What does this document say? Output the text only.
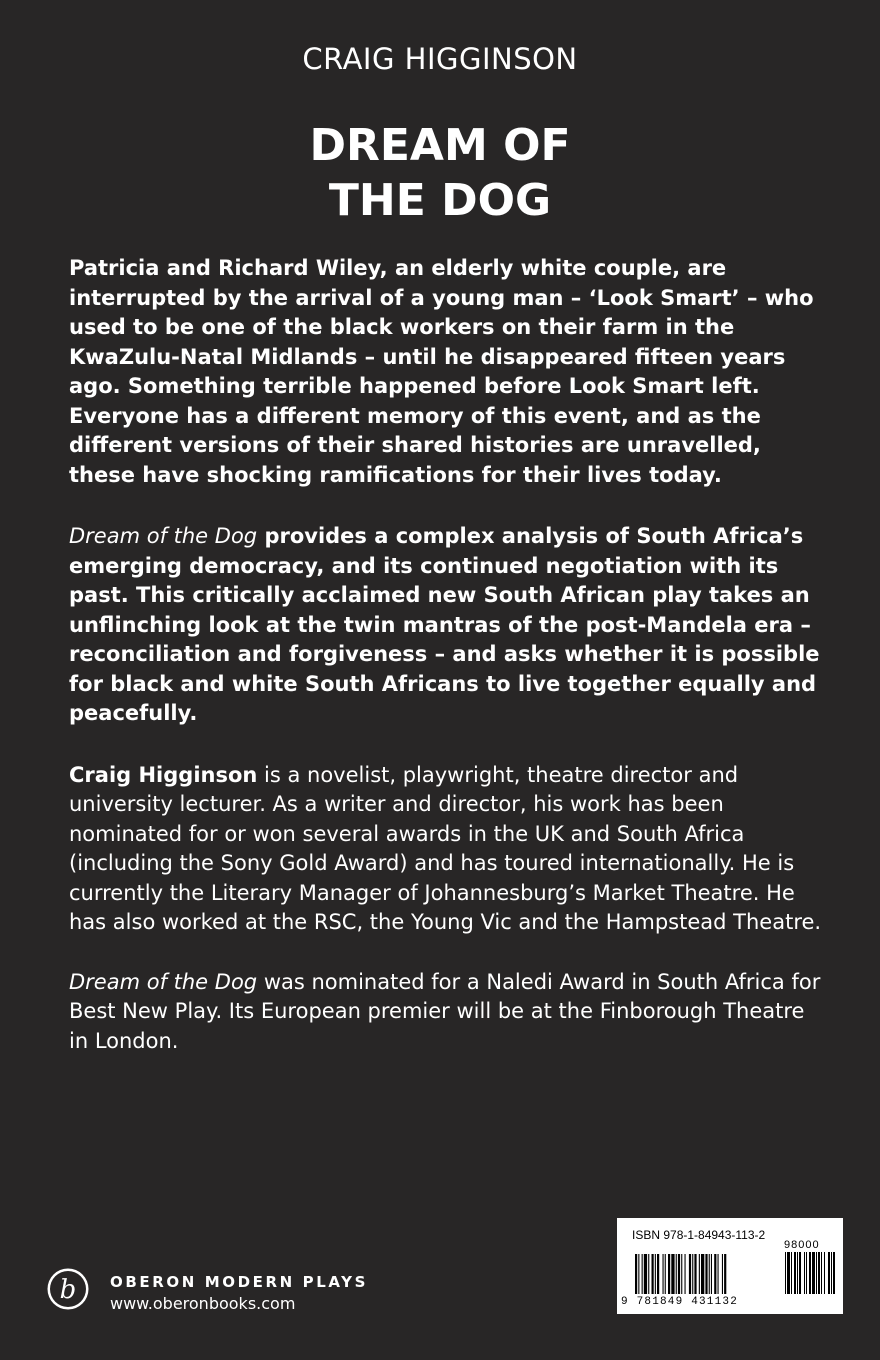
CRAIG HIGGINSON
DREAM OF
THE DOG

Patricia and Richard Wiley, an elderly white couple, are interrupted by the arrival of a young man – ‘Look Smart’ – who used to be one of the black workers on their farm in the KwaZulu-Natal Midlands – until he disappeared fifteen years ago. Something terrible happened before Look Smart left. Everyone has a different memory of this event, and as the different versions of their shared histories are unravelled, these have shocking ramifications for their lives today.

Dream of the Dog provides a complex analysis of South Africa’s emerging democracy, and its continued negotiation with its past. This critically acclaimed new South African play takes an unflinching look at the twin mantras of the post-Mandela era – reconciliation and forgiveness – and asks whether it is possible for black and white South Africans to live together equally and peacefully.

Craig Higginson is a novelist, playwright, theatre director and university lecturer. As a writer and director, his work has been nominated for or won several awards in the UK and South Africa (including the Sony Gold Award) and has toured internationally. He is currently the Literary Manager of Johannesburg’s Market Theatre. He has also worked at the RSC, the Young Vic and the Hampstead Theatre.

Dream of the Dog was nominated for a Naledi Award in South Africa for Best New Play. Its European premier will be at the Finborough Theatre in London.

b OBERON MODERN PLAYS
www.oberonbooks.com
ISBN 978-1-84943-113-2
98000
9 781849 431132
